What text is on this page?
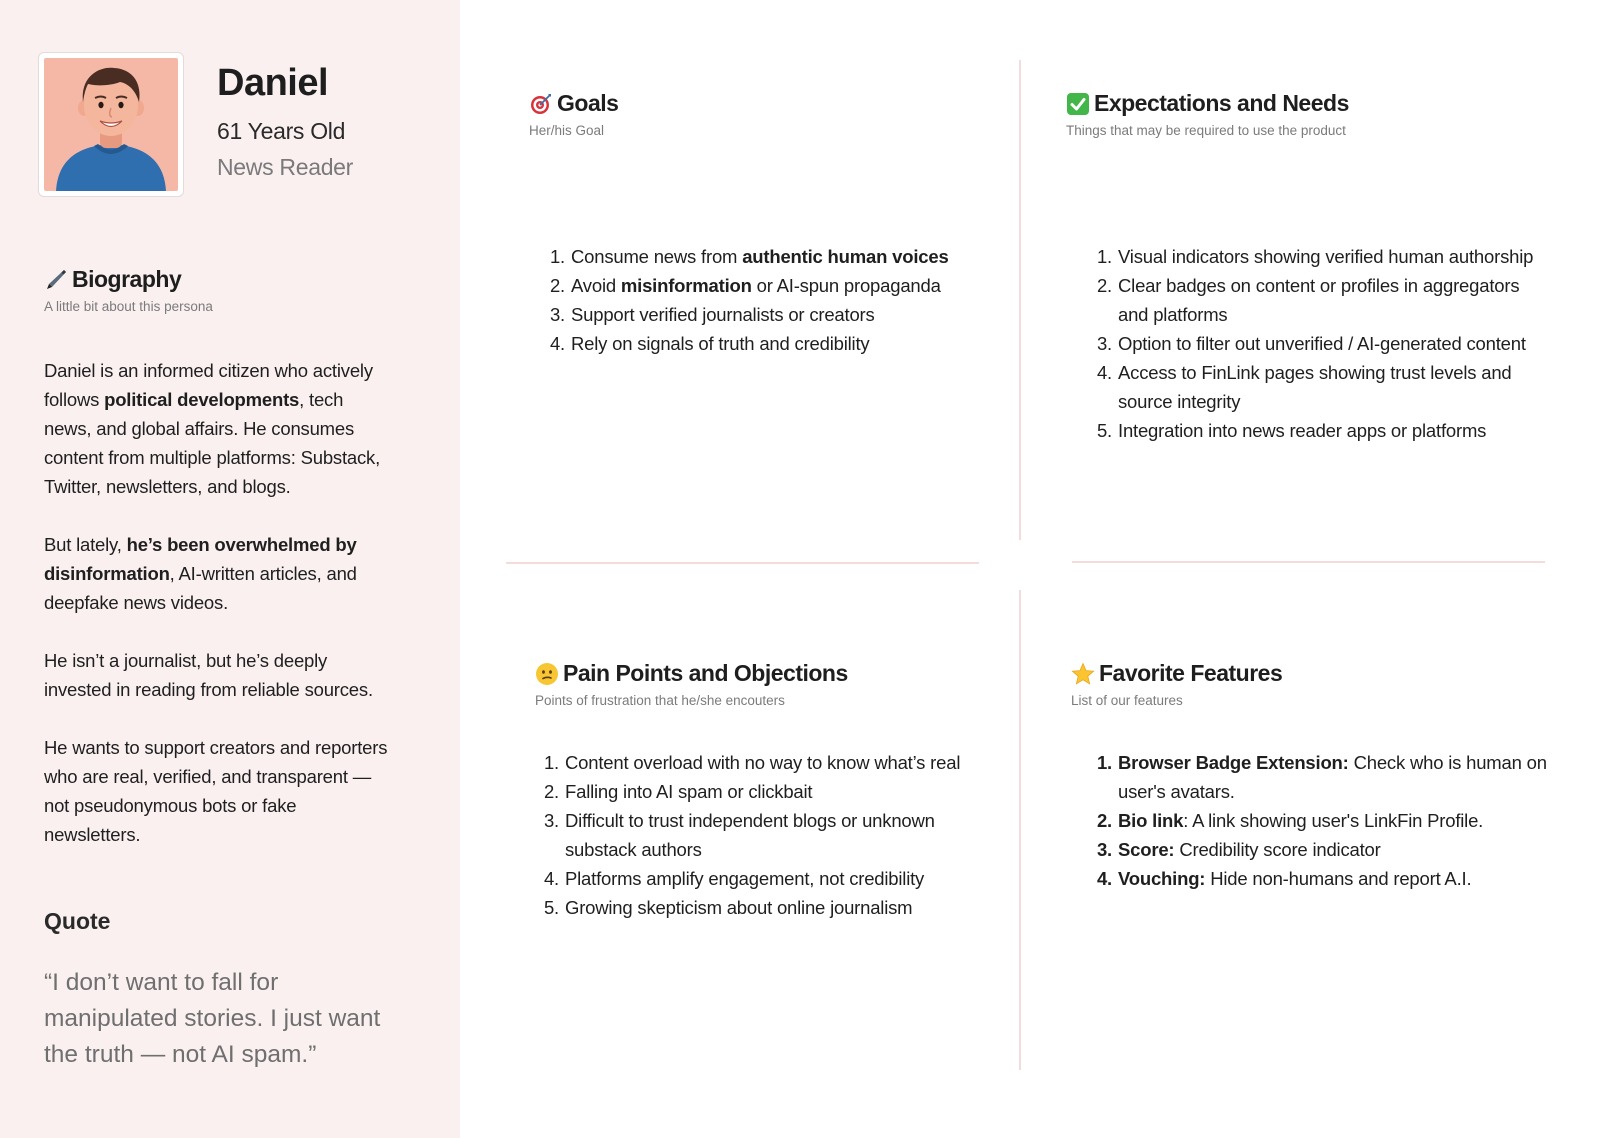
Daniel
61 Years Old
News Reader
Biography
A little bit about this persona

Daniel is an informed citizen who actively follows political developments, tech news, and global affairs. He consumes content from multiple platforms: Substack, Twitter, newsletters, and blogs.

But lately, he’s been overwhelmed by disinformation, AI-written articles, and deepfake news videos.

He isn’t a journalist, but he’s deeply invested in reading from reliable sources.

He wants to support creators and reporters who are real, verified, and transparent — not pseudonymous bots or fake newsletters.

Quote
“I don’t want to fall for manipulated stories. I just want the truth — not AI spam.”
Goals
Her/his Goal
1. Consume news from authentic human voices
2. Avoid misinformation or AI-spun propaganda
3. Support verified journalists or creators
4. Rely on signals of truth and credibility
Expectations and Needs
Things that may be required to use the product
1. Visual indicators showing verified human authorship
2. Clear badges on content or profiles in aggregators and platforms
3. Option to filter out unverified / AI-generated content
4. Access to FinLink pages showing trust levels and source integrity
5. Integration into news reader apps or platforms
Pain Points and Objections
Points of frustration that he/she encouters
1. Content overload with no way to know what’s real
2. Falling into AI spam or clickbait
3. Difficult to trust independent blogs or unknown substack authors
4. Platforms amplify engagement, not credibility
5. Growing skepticism about online journalism
Favorite Features
List of our features
1. Browser Badge Extension: Check who is human on user's avatars.
2. Bio link: A link showing user's LinkFin Profile.
3. Score: Credibility score indicator
4. Vouching: Hide non-humans and report A.I.
